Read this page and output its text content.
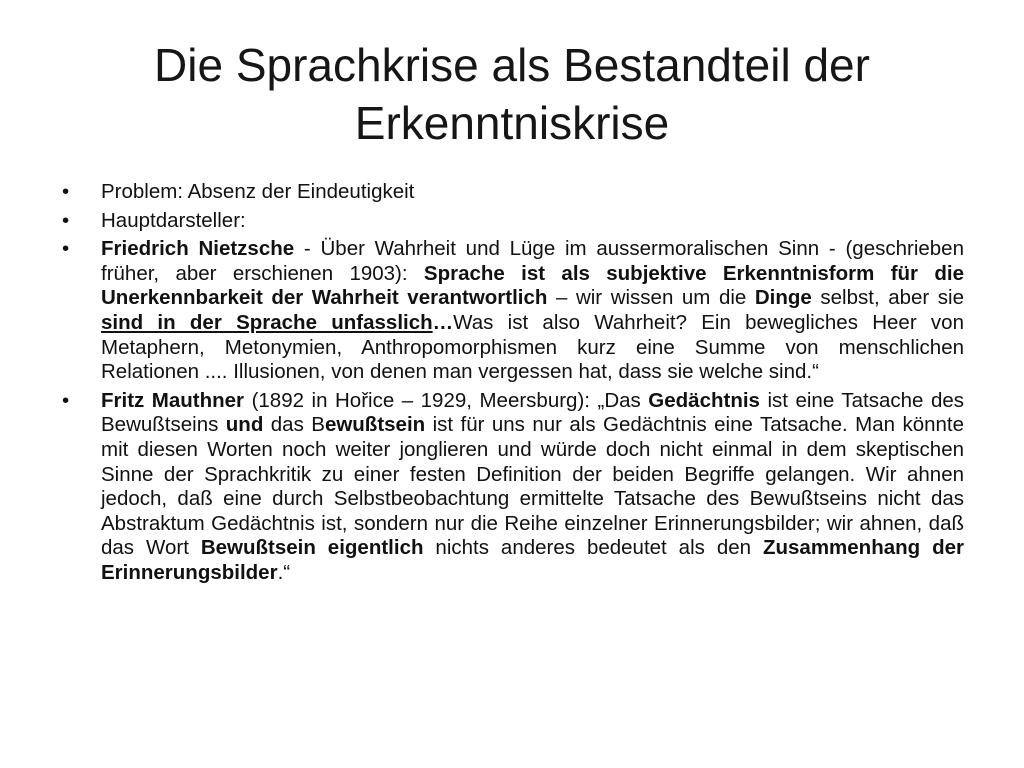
Die Sprachkrise als Bestandteil der
Erkenntniskrise
•	Problem: Absenz der Eindeutigkeit
•	Hauptdarsteller:
•	Friedrich Nietzsche - Über Wahrheit und Lüge im aussermoralischen Sinn - (geschrieben früher, aber erschienen 1903): Sprache ist als subjektive Erkenntnisform für die Unerkennbarkeit der Wahrheit verantwortlich – wir wissen um die Dinge selbst, aber sie sind in der Sprache unfasslich…Was ist also Wahrheit? Ein bewegliches Heer von Metaphern, Metonymien, Anthropomorphismen kurz eine Summe von menschlichen Relationen .... Illusionen, von denen man vergessen hat, dass sie welche sind.“
•	Fritz Mauthner (1892 in Hořice – 1929, Meersburg): „Das Gedächtnis ist eine Tatsache des Bewußtseins und das Bewußtsein ist für uns nur als Gedächtnis eine Tatsache. Man könnte mit diesen Worten noch weiter jonglieren und würde doch nicht einmal in dem skeptischen Sinne der Sprachkritik zu einer festen Definition der beiden Begriffe gelangen. Wir ahnen jedoch, daß eine durch Selbstbeobachtung ermittelte Tatsache des Bewußtseins nicht das Abstraktum Gedächtnis ist, sondern nur die Reihe einzelner Erinnerungsbilder; wir ahnen, daß das Wort Bewußtsein eigentlich nichts anderes bedeutet als den Zusammenhang der Erinnerungsbilder.“
